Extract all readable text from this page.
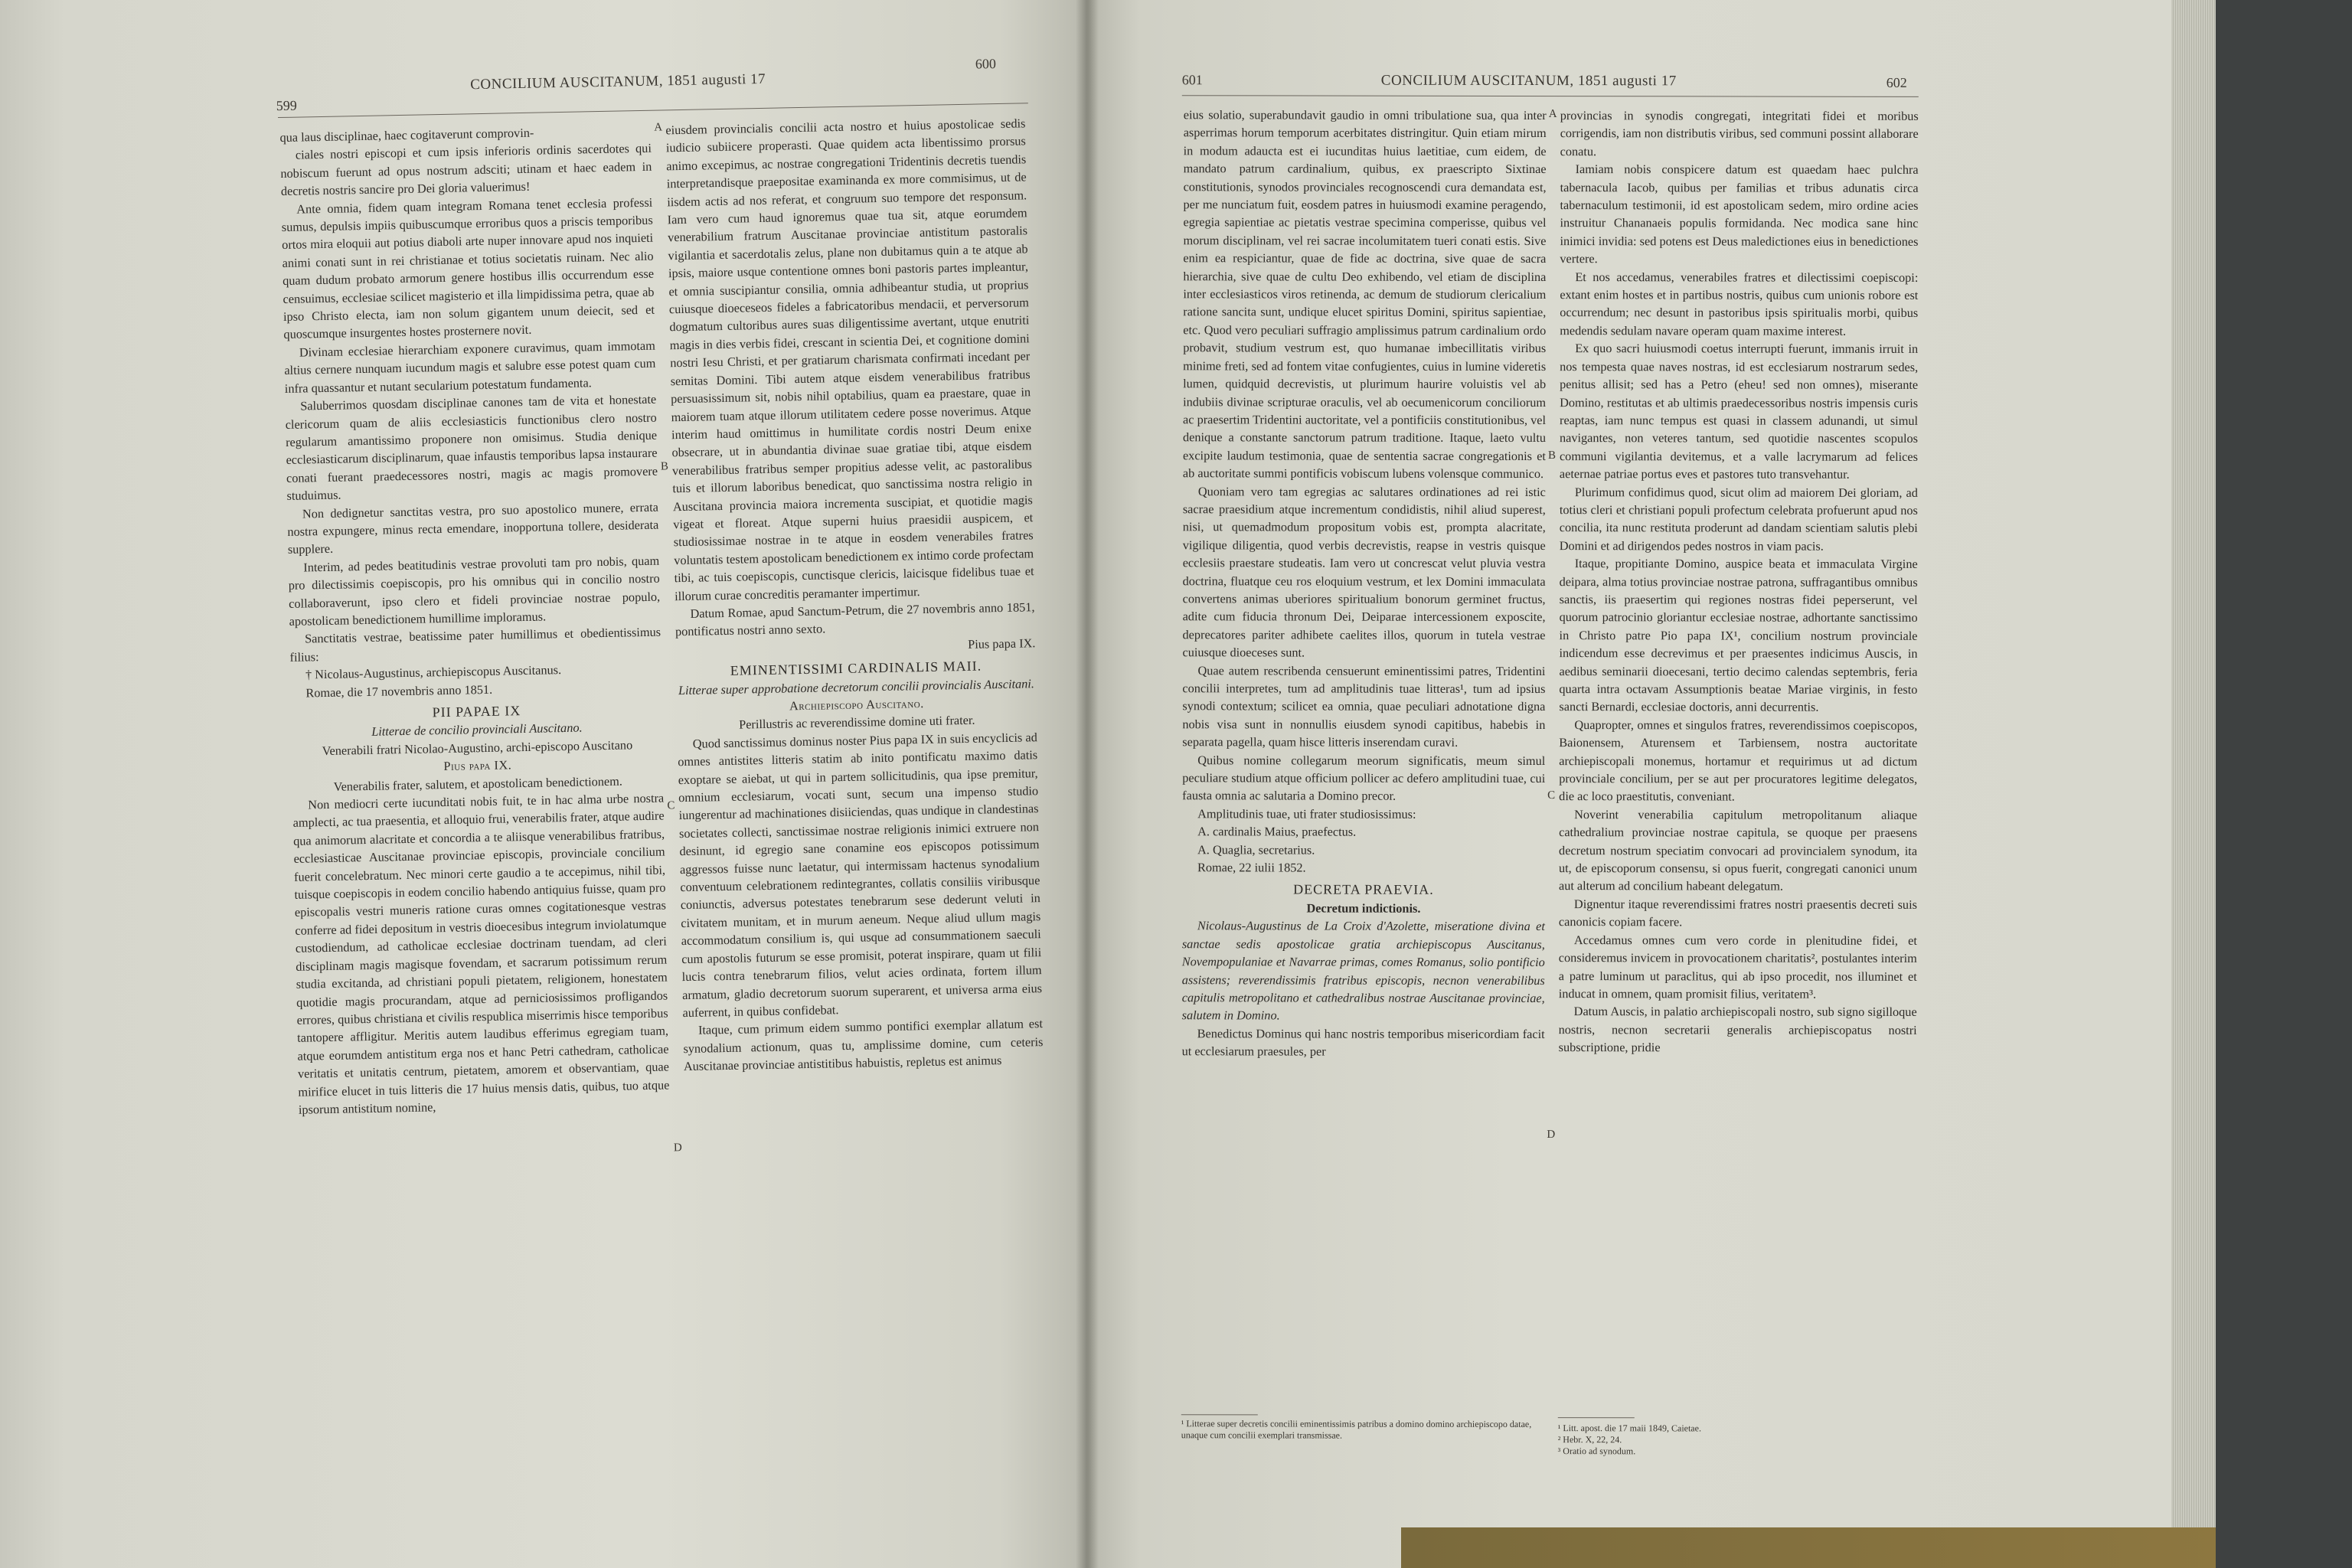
599
CONCILIUM AUSCITANUM, 1851 augusti 17
600

qua laus disciplinae, haec cogitaverunt comprovin-

ciales nostri episcopi et cum ipsis inferioris ordinis sacerdotes qui nobiscum fuerunt ad opus nostrum adsciti; utinam et haec eadem in decretis nostris sancire pro Dei gloria valuerimus!

Ante omnia, fidem quam integram Romana tenet ecclesia professi sumus, depulsis impiis quibuscumque erroribus quos a priscis temporibus ortos mira eloquii aut potius diaboli arte nuper innovare apud nos inquieti animi conati sunt in rei christianae et totius societatis ruinam. Nec alio quam dudum probato armorum genere hostibus illis occurrendum esse censuimus, ecclesiae scilicet magisterio et illa limpidissima petra, quae ab ipso Christo electa, iam non solum gigantem unum deiecit, sed et quoscumque insurgentes hostes prosternere novit.

Divinam ecclesiae hierarchiam exponere curavimus, quam immotam altius cernere nunquam iucundum magis et salubre esse potest quam cum infra quassantur et nutant secularium potestatum fundamenta.

Saluberrimos quosdam disciplinae canones tam de vita et honestate clericorum quam de aliis ecclesiasticis functionibus clero nostro regularum amantissimo proponere non omisimus. Studia denique ecclesiasticarum disciplinarum, quae infaustis temporibus lapsa instaurare conati fuerant praedecessores nostri, magis ac magis promovere studuimus.

Non dedignetur sanctitas vestra, pro suo apostolico munere, errata nostra expungere, minus recta emendare, inopportuna tollere, desiderata supplere.

Interim, ad pedes beatitudinis vestrae provoluti tam pro nobis, quam pro dilectissimis coepiscopis, pro his omnibus qui in concilio nostro collaboraverunt, ipso clero et fideli provinciae nostrae populo, apostolicam benedictionem humillime imploramus.

Sanctitatis vestrae, beatissime pater humillimus et obedientissimus filius:

† Nicolaus-Augustinus, archiepiscopus Auscitanus.

Romae, die 17 novembris anno 1851.

PII PAPAE IX

Litterae de concilio provinciali Auscitano.

Venerabili fratri Nicolao-Augustino, archi-episcopo Auscitano

Pius papa IX.

Venerabilis frater, salutem, et apostolicam benedictionem.

Non mediocri certe iucunditati nobis fuit, te in hac alma urbe nostra amplecti, ac tua praesentia, et alloquio frui, venerabilis frater, atque audire qua animorum alacritate et concordia a te aliisque venerabilibus fratribus, ecclesiasticae Auscitanae provinciae episcopis, provinciale concilium fuerit concelebratum. Nec minori certe gaudio a te accepimus, nihil tibi, tuisque coepiscopis in eodem concilio habendo antiquius fuisse, quam pro episcopalis vestri muneris ratione curas omnes cogitationesque vestras conferre ad fidei depositum in vestris dioecesibus integrum inviolatumque custodiendum, ad catholicae ecclesiae doctrinam tuendam, ad cleri disciplinam magis magisque fovendam, et sacrarum potissimum rerum studia excitanda, ad christiani populi pietatem, religionem, honestatem quotidie magis procurandam, atque ad perniciosissimos profligandos errores, quibus christiana et civilis respublica miserrimis hisce temporibus tantopere affligitur. Meritis autem laudibus efferimus egregiam tuam, atque eorumdem antistitum erga nos et hanc Petri cathedram, catholicae veritatis et unitatis centrum, pietatem, amorem et observantiam, quae mirifice elucet in tuis litteris die 17 huius mensis datis, quibus, tuo atque ipsorum antistitum nomine,

eiusdem provincialis concilii acta nostro et huius apostolicae sedis iudicio subiicere properasti. Quae quidem acta libentissimo prorsus animo excepimus, ac nostrae congregationi Tridentinis decretis tuendis interpretandisque praepositae examinanda ex more commisimus, ut de iisdem actis ad nos referat, et congruum suo tempore det responsum. Iam vero cum haud ignoremus quae tua sit, atque eorumdem venerabilium fratrum Auscitanae provinciae antistitum pastoralis vigilantia et sacerdotalis zelus, plane non dubitamus quin a te atque ab ipsis, maiore usque contentione omnes boni pastoris partes impleantur, et omnia suscipiantur consilia, omnia adhibeantur studia, ut proprius cuiusque dioeceseos fideles a fabricatoribus mendacii, et perversorum dogmatum cultoribus aures suas diligentissime avertant, utque enutriti magis in dies verbis fidei, crescant in scientia Dei, et cognitione domini nostri Iesu Christi, et per gratiarum charismata confirmati incedant per semitas Domini. Tibi autem atque eisdem venerabilibus fratribus persuasissimum sit, nobis nihil optabilius, quam ea praestare, quae in maiorem tuam atque illorum utilitatem cedere posse noverimus. Atque interim haud omittimus in humilitate cordis nostri Deum enixe obsecrare, ut in abundantia divinae suae gratiae tibi, atque eisdem venerabilibus fratribus semper propitius adesse velit, ac pastoralibus tuis et illorum laboribus benedicat, quo sanctissima nostra religio in Auscitana provincia maiora incrementa suscipiat, et quotidie magis vigeat et floreat. Atque superni huius praesidii auspicem, et studiosissimae nostrae in te atque in eosdem venerabiles fratres voluntatis testem apostolicam benedictionem ex intimo corde profectam tibi, ac tuis coepiscopis, cunctisque clericis, laicisque fidelibus tuae et illorum curae concreditis peramanter impertimur.

Datum Romae, apud Sanctum-Petrum, die 27 novembris anno 1851, pontificatus nostri anno sexto.

Pius papa IX.

EMINENTISSIMI CARDINALIS MAII.

Litterae super approbatione decretorum concilii provincialis Auscitani.

Archiepiscopo Auscitano.

Perillustris ac reverendissime domine uti frater.

Quod sanctissimus dominus noster Pius papa IX in suis encyclicis ad omnes antistites litteris statim ab inito pontificatu maximo datis exoptare se aiebat, ut qui in partem sollicitudinis, qua ipse premitur, omnium ecclesiarum, vocati sunt, secum una impenso studio iungerentur ad machinationes disiiciendas, quas undique in clandestinas societates collecti, sanctissimae nostrae religionis inimici extruere non desinunt, id egregio sane conamine eos episcopos potissimum aggressos fuisse nunc laetatur, qui intermissam hactenus synodalium conventuum celebrationem redintegrantes, collatis consiliis viribusque coniunctis, adversus potestates tenebrarum sese dederunt veluti in civitatem munitam, et in murum aeneum. Neque aliud ullum magis accommodatum consilium is, qui usque ad consummationem saeculi cum apostolis futurum se esse promisit, poterat inspirare, quam ut filii lucis contra tenebrarum filios, velut acies ordinata, fortem illum armatum, gladio decretorum suorum superarent, et universa arma eius auferrent, in quibus confidebat.

Itaque, cum primum eidem summo pontifici exemplar allatum est synodalium actionum, quas tu, amplissime domine, cum ceteris Auscitanae provinciae antistitibus habuistis, repletus est animus

A
B
C
D
601	CONCILIUM AUSCITANUM, 1851 augusti 17	602

eius solatio, superabundavit gaudio in omni tribulatione sua, qua inter asperrimas horum temporum acerbitates distringitur. Quin etiam mirum in modum adaucta est ei iucunditas huius laetitiae, cum eidem, de mandato patrum cardinalium, quibus, ex praescripto Sixtinae constitutionis, synodos provinciales recognoscendi cura demandata est, per me nunciatum fuit, eosdem patres in huiusmodi examine peragendo, egregia sapientiae ac pietatis vestrae specimina comperisse, quibus vel morum disciplinam, vel rei sacrae incolumitatem tueri conati estis. Sive enim ea respiciantur, quae de fide ac doctrina, sive quae de sacra hierarchia, sive quae de cultu Deo exhibendo, vel etiam de disciplina inter ecclesiasticos viros retinenda, ac demum de studiorum clericalium ratione sancita sunt, undique elucet spiritus Domini, spiritus sapientiae, etc. Quod vero peculiari suffragio amplissimus patrum cardinalium ordo probavit, studium vestrum est, quo humanae imbecillitatis viribus minime freti, sed ad fontem vitae confugientes, cuius in lumine videretis lumen, quidquid decrevistis, ut plurimum haurire voluistis vel ab indubiis divinae scripturae oraculis, vel ab oecumenicorum conciliorum ac praesertim Tridentini auctoritate, vel a pontificiis constitutionibus, vel denique a constante sanctorum patrum traditione. Itaque, laeto vultu excipite laudum testimonia, quae de sententia sacrae congregationis et ab auctoritate summi pontificis vobiscum lubens volensque communico.

Quoniam vero tam egregias ac salutares ordinationes ad rei istic sacrae praesidium atque incrementum condidistis, nihil aliud superest, nisi, ut quemadmodum propositum vobis est, prompta alacritate, vigilique diligentia, quod verbis decrevistis, reapse in vestris quisque ecclesiis praestare studeatis. Iam vero ut concrescat velut pluvia vestra doctrina, fluatque ceu ros eloquium vestrum, et lex Domini immaculata convertens animas uberiores spiritualium bonorum germinet fructus, adite cum fiducia thronum Dei, Deiparae intercessionem exposcite, deprecatores pariter adhibete caelites illos, quorum in tutela vestrae cuiusque dioeceses sunt.

Quae autem rescribenda censuerunt eminentissimi patres, Tridentini concilii interpretes, tum ad amplitudinis tuae litteras¹, tum ad ipsius synodi contextum; scilicet ea omnia, quae peculiari adnotatione digna nobis visa sunt in nonnullis eiusdem synodi capitibus, habebis in separata pagella, quam hisce litteris inserendam curavi.

Quibus nomine collegarum meorum significatis, meum simul peculiare studium atque officium pollicer ac defero amplitudini tuae, cui fausta omnia ac salutaria a Domino precor.

Amplitudinis tuae, uti frater studiosissimus:

A. cardinalis Maius, praefectus.

A. Quaglia, secretarius.

Romae, 22 iulii 1852.

DECRETA PRAEVIA.

Decretum indictionis.

Nicolaus-Augustinus de La Croix d'Azolette, miseratione divina et sanctae sedis apostolicae gratia archiepiscopus Auscitanus, Novempopulaniae et Navarrae primas, comes Romanus, solio pontificio assistens; reverendissimis fratribus episcopis, necnon venerabilibus capitulis metropolitano et cathedralibus nostrae Auscitanae provinciae, salutem in Domino.

Benedictus Dominus qui hanc nostris temporibus misericordiam facit ut ecclesiarum praesules, per

provincias in synodis congregati, integritati fidei et moribus corrigendis, iam non distributis viribus, sed communi possint allaborare conatu.

Iamiam nobis conspicere datum est quaedam haec pulchra tabernacula Iacob, quibus per familias et tribus adunatis circa tabernaculum testimonii, id est apostolicam sedem, miro ordine acies instruitur Chananaeis populis formidanda. Nec modica sane hinc inimici invidia: sed potens est Deus maledictiones eius in benedictiones vertere.

Et nos accedamus, venerabiles fratres et dilectissimi coepiscopi: extant enim hostes et in partibus nostris, quibus cum unionis robore est occurrendum; nec desunt in pastoribus ipsis spiritualis morbi, quibus medendis sedulam navare operam quam maxime interest.

Ex quo sacri huiusmodi coetus interrupti fuerunt, immanis irruit in nos tempesta quae naves nostras, id est ecclesiarum nostrarum sedes, penitus allisit; sed has a Petro (eheu! sed non omnes), miserante Domino, restitutas et ab ultimis praedecessoribus nostris impensis curis reaptas, iam nunc tempus est quasi in classem adunandi, ut simul navigantes, non veteres tantum, sed quotidie nascentes scopulos communi vigilantia devitemus, et a valle lacrymarum ad felices aeternae patriae portus eves et pastores tuto transvehantur.

Plurimum confidimus quod, sicut olim ad maiorem Dei gloriam, ad totius cleri et christiani populi profectum celebrata profuerunt apud nos concilia, ita nunc restituta proderunt ad dandam scientiam salutis plebi Domini et ad dirigendos pedes nostros in viam pacis.

Itaque, propitiante Domino, auspice beata et immaculata Virgine deipara, alma totius provinciae nostrae patrona, suffragantibus omnibus sanctis, iis praesertim qui regiones nostras fidei peperserunt, vel quorum patrocinio gloriantur ecclesiae nostrae, adhortante sanctissimo in Christo patre Pio papa IX¹, concilium nostrum provinciale indicendum esse decrevimus et per praesentes indicimus Auscis, in aedibus seminarii dioecesani, tertio decimo calendas septembris, feria quarta intra octavam Assumptionis beatae Mariae virginis, in festo sancti Bernardi, ecclesiae doctoris, anni decurrentis.

Quapropter, omnes et singulos fratres, reverendissimos coepiscopos, Baionensem, Aturensem et Tarbiensem, nostra auctoritate archiepiscopali monemus, hortamur et requirimus ut ad dictum provinciale concilium, per se aut per procuratores legitime delegatos, die ac loco praestitutis, conveniant.

Noverint venerabilia capitulum metropolitanum aliaque cathedralium provinciae nostrae capitula, se quoque per praesens decretum nostrum speciatim convocari ad provincialem synodum, ita ut, de episcoporum consensu, si opus fuerit, congregati canonici unum aut alterum ad concilium habeant delegatum.

Dignentur itaque reverendissimi fratres nostri praesentis decreti suis canonicis copiam facere.

Accedamus omnes cum vero corde in plenitudine fidei, et consideremus invicem in provocationem charitatis², postulantes interim a patre luminum ut paraclitus, qui ab ipso procedit, nos illuminet et inducat in omnem, quam promisit filius, veritatem³.

Datum Auscis, in palatio archiepiscopali nostro, sub signo sigilloque nostris, necnon secretarii generalis archiepiscopatus nostri subscriptione, pridie

A
B
C
D
¹ Litterae super decretis concilii eminentissimis patribus a domino domino archiepiscopo datae, unaque cum concilii exemplari transmissae.
¹ Litt. apost. die 17 maii 1849, Caietae.
² Hebr. X, 22, 24.
³ Oratio ad synodum.
